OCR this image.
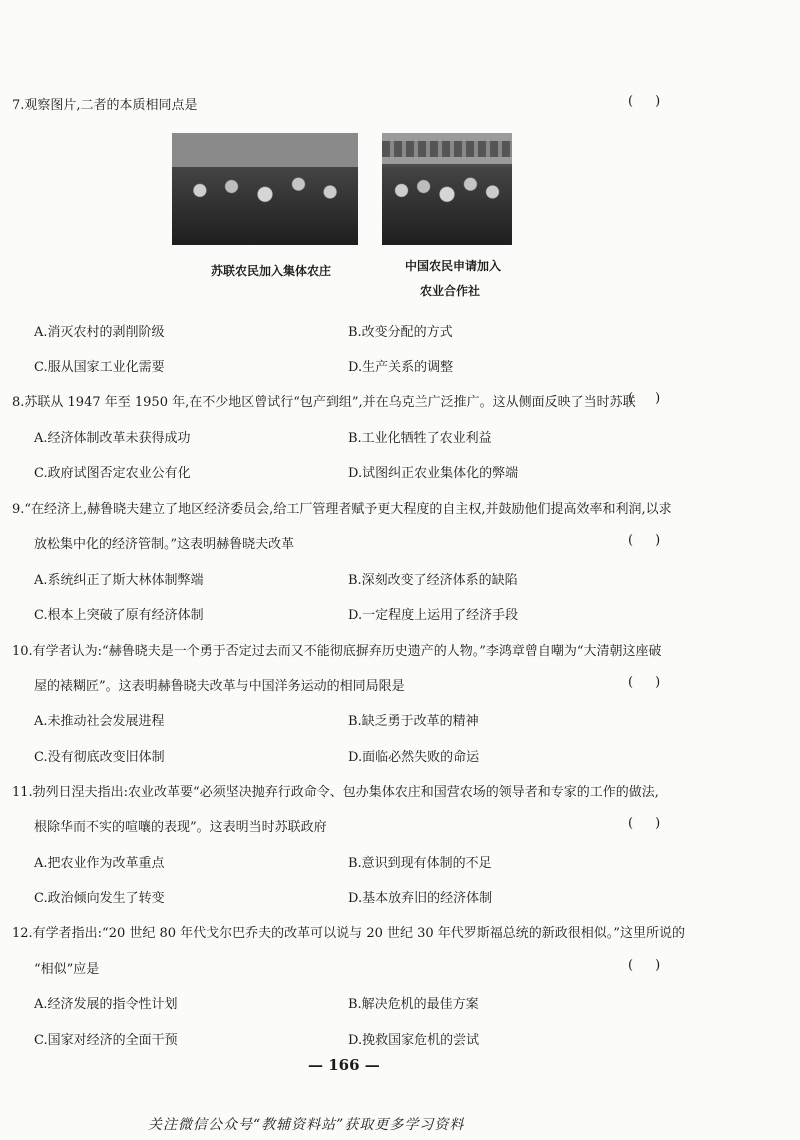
7.观察图片,二者的本质相同点是	()
苏联农民加入集体农庄	中国农民申请加入
农业合作社
A.消灭农村的剥削阶级	B.改变分配的方式
C.服从国家工业化需要	D.生产关系的调整
8.苏联从 1947 年至 1950 年,在不少地区曾试行“包产到组”,并在乌克兰广泛推广。这从侧面反映了当时苏联
()
A.经济体制改革未获得成功	B.工业化牺牲了农业利益
C.政府试图否定农业公有化	D.试图纠正农业集体化的弊端
9.“在经济上,赫鲁晓夫建立了地区经济委员会,给工厂管理者赋予更大程度的自主权,并鼓励他们提高效率和利润,以求
放松集中化的经济管制。”这表明赫鲁晓夫改革	()
A.系统纠正了斯大林体制弊端	B.深刻改变了经济体系的缺陷
C.根本上突破了原有经济体制	D.一定程度上运用了经济手段
10.有学者认为:“赫鲁晓夫是一个勇于否定过去而又不能彻底摒弃历史遗产的人物。”李鸿章曾自嘲为“大清朝这座破
屋的裱糊匠”。这表明赫鲁晓夫改革与中国洋务运动的相同局限是	()
A.未推动社会发展进程	B.缺乏勇于改革的精神
C.没有彻底改变旧体制	D.面临必然失败的命运
11.勃列日涅夫指出:农业改革要“必须坚决抛弃行政命令、包办集体农庄和国营农场的领导者和专家的工作的做法,
根除华而不实的喧嚷的表现”。这表明当时苏联政府	()
A.把农业作为改革重点	B.意识到现有体制的不足
C.政治倾向发生了转变	D.基本放弃旧的经济体制
12.有学者指出:“20 世纪 80 年代戈尔巴乔夫的改革可以说与 20 世纪 30 年代罗斯福总统的新政很相似。”这里所说的
“相似”应是	()
A.经济发展的指令性计划	B.解决危机的最佳方案
C.国家对经济的全面干预	D.挽救国家危机的尝试
— 166 —
关注微信公众号“教辅资料站”获取更多学习资料
